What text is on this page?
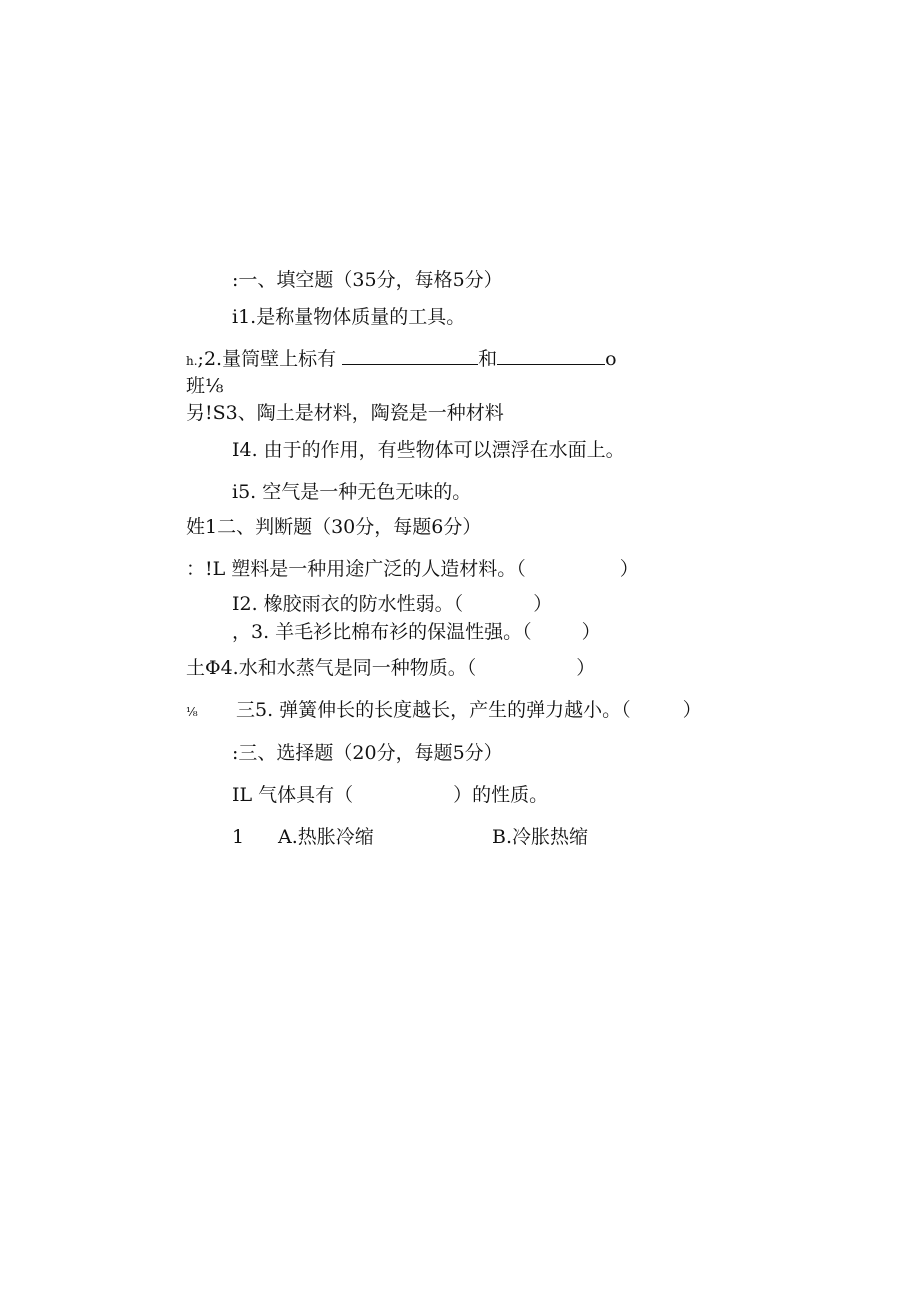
:一、填空题（35分，每格5分）
i1.是称量物体质量的工具。
h.;2.量筒壁上标有	和	o
班⅛
另!S3、陶土是材料，陶瓷是一种材料
I4. 由于的作用，有些物体可以漂浮在水面上。
i5. 空气是一种无色无味的。
姓1二、判断题（30分，每题6分）
：!L 塑料是一种用途广泛的人造材料。（	）
I2. 橡胶雨衣的防水性弱。（	）
，3. 羊毛衫比棉布衫的保温性强。（	）
土Φ4.水和水蒸气是同一种物质。（	）
⅛ 三5. 弹簧伸长的长度越长，产生的弹力越小。（	）
:三、选择题（20分，每题5分）
IL 气体具有（	）的性质。
1 A.热胀冷缩	B.冷胀热缩
